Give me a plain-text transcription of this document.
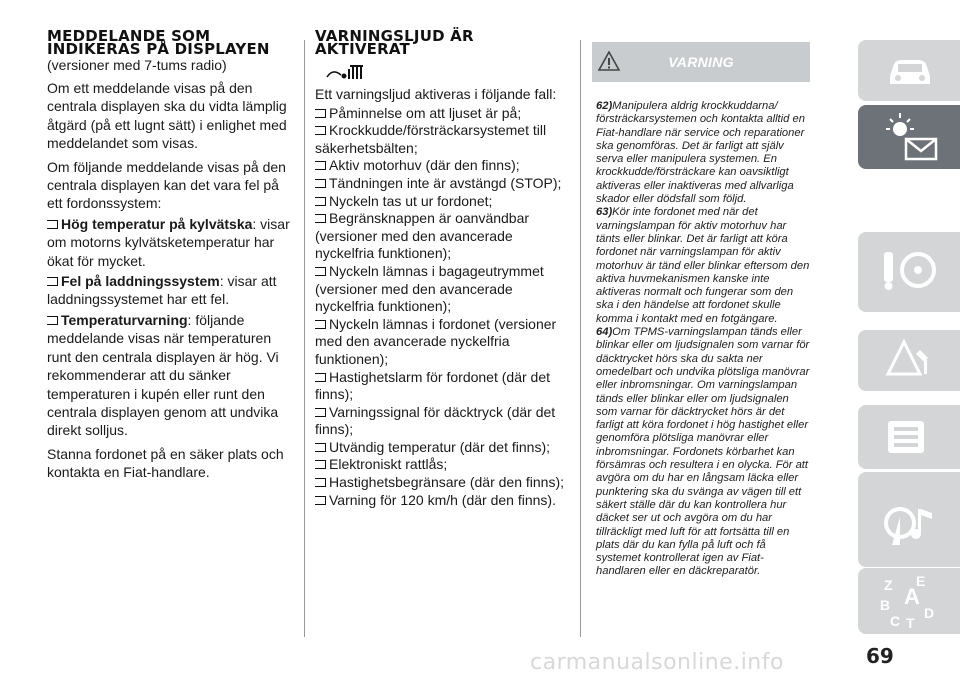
MEDDELANDE SOM INDIKERAS PÅ DISPLAYEN
(versioner med 7-tums radio)
Om ett meddelande visas på den centrala displayen ska du vidta lämplig åtgärd (på ett lugnt sätt) i enlighet med meddelandet som visas.
Om följande meddelande visas på den centrala displayen kan det vara fel på ett fordonssystem:
Hög temperatur på kylvätska: visar om motorns kylvätsketemperatur har ökat för mycket.
Fel på laddningssystem: visar att laddningssystemet har ett fel.
Temperaturvarning: följande meddelande visas när temperaturen runt den centrala displayen är hög. Vi rekommenderar att du sänker temperaturen i kupén eller runt den centrala displayen genom att undvika direkt solljus.
Stanna fordonet på en säker plats och kontakta en Fiat-handlare.
VARNINGSLJUD ÄR AKTIVERAT
Ett varningsljud aktiveras i följande fall:
Påminnelse om att ljuset är på;
Krockkudde/försträckarsystemet till säkerhetsbälten;
Aktiv motorhuv (där den finns);
Tändningen inte är avstängd (STOP);
Nyckeln tas ut ur fordonet;
Begränsknappen är oanvändbar (versioner med den avancerade nyckelfria funktionen);
Nyckeln lämnas i bagageutrymmet (versioner med den avancerade nyckelfria funktionen);
Nyckeln lämnas i fordonet (versioner med den avancerade nyckelfria funktionen);
Hastighetslarm för fordonet (där det finns);
Varningssignal för däcktryck (där det finns);
Utvändig temperatur (där det finns);
Elektroniskt rattlås;
Hastighetsbegränsare (där den finns);
Varning för 120 km/h (där den finns).
VARNING
62)Manipulera aldrig krockkuddarna/ försträckarsystemen och kontakta alltid en Fiat-handlare när service och reparationer ska genomföras. Det är farligt att själv serva eller manipulera systemen. En krockkudde/försträckare kan oavsiktligt aktiveras eller inaktiveras med allvarliga skador eller dödsfall som följd.
63)Kör inte fordonet med när det varningslampan för aktiv motorhuv har tänts eller blinkar. Det är farligt att köra fordonet när varningslampan för aktiv motorhuv är tänd eller blinkar eftersom den aktiva huvmekanismen kanske inte aktiveras normalt och fungerar som den ska i den händelse att fordonet skulle komma i kontakt med en fotgängare.
64)Om TPMS-varningslampan tänds eller blinkar eller om ljudsignalen som varnar för däcktrycket hörs ska du sakta ner omedelbart och undvika plötsliga manövrar eller inbromsningar. Om varningslampan tänds eller blinkar eller om ljudsignalen som varnar för däcktrycket hörs är det farligt att köra fordonet i hög hastighet eller genomföra plötsliga manövrar eller inbromsningar. Fordonets körbarhet kan försämras och resultera i en olycka. För att avgöra om du har en långsam läcka eller punktering ska du svänga av vägen till ett säkert ställe där du kan kontrollera hur däcket ser ut och avgöra om du har tillräckligt med luft för att fortsätta till en plats där du kan fylla på luft och få systemet kontrollerat igen av Fiat-handlaren eller en däckreparatör.
Z E
B A
C T
D
69
carmanualsonline.info
